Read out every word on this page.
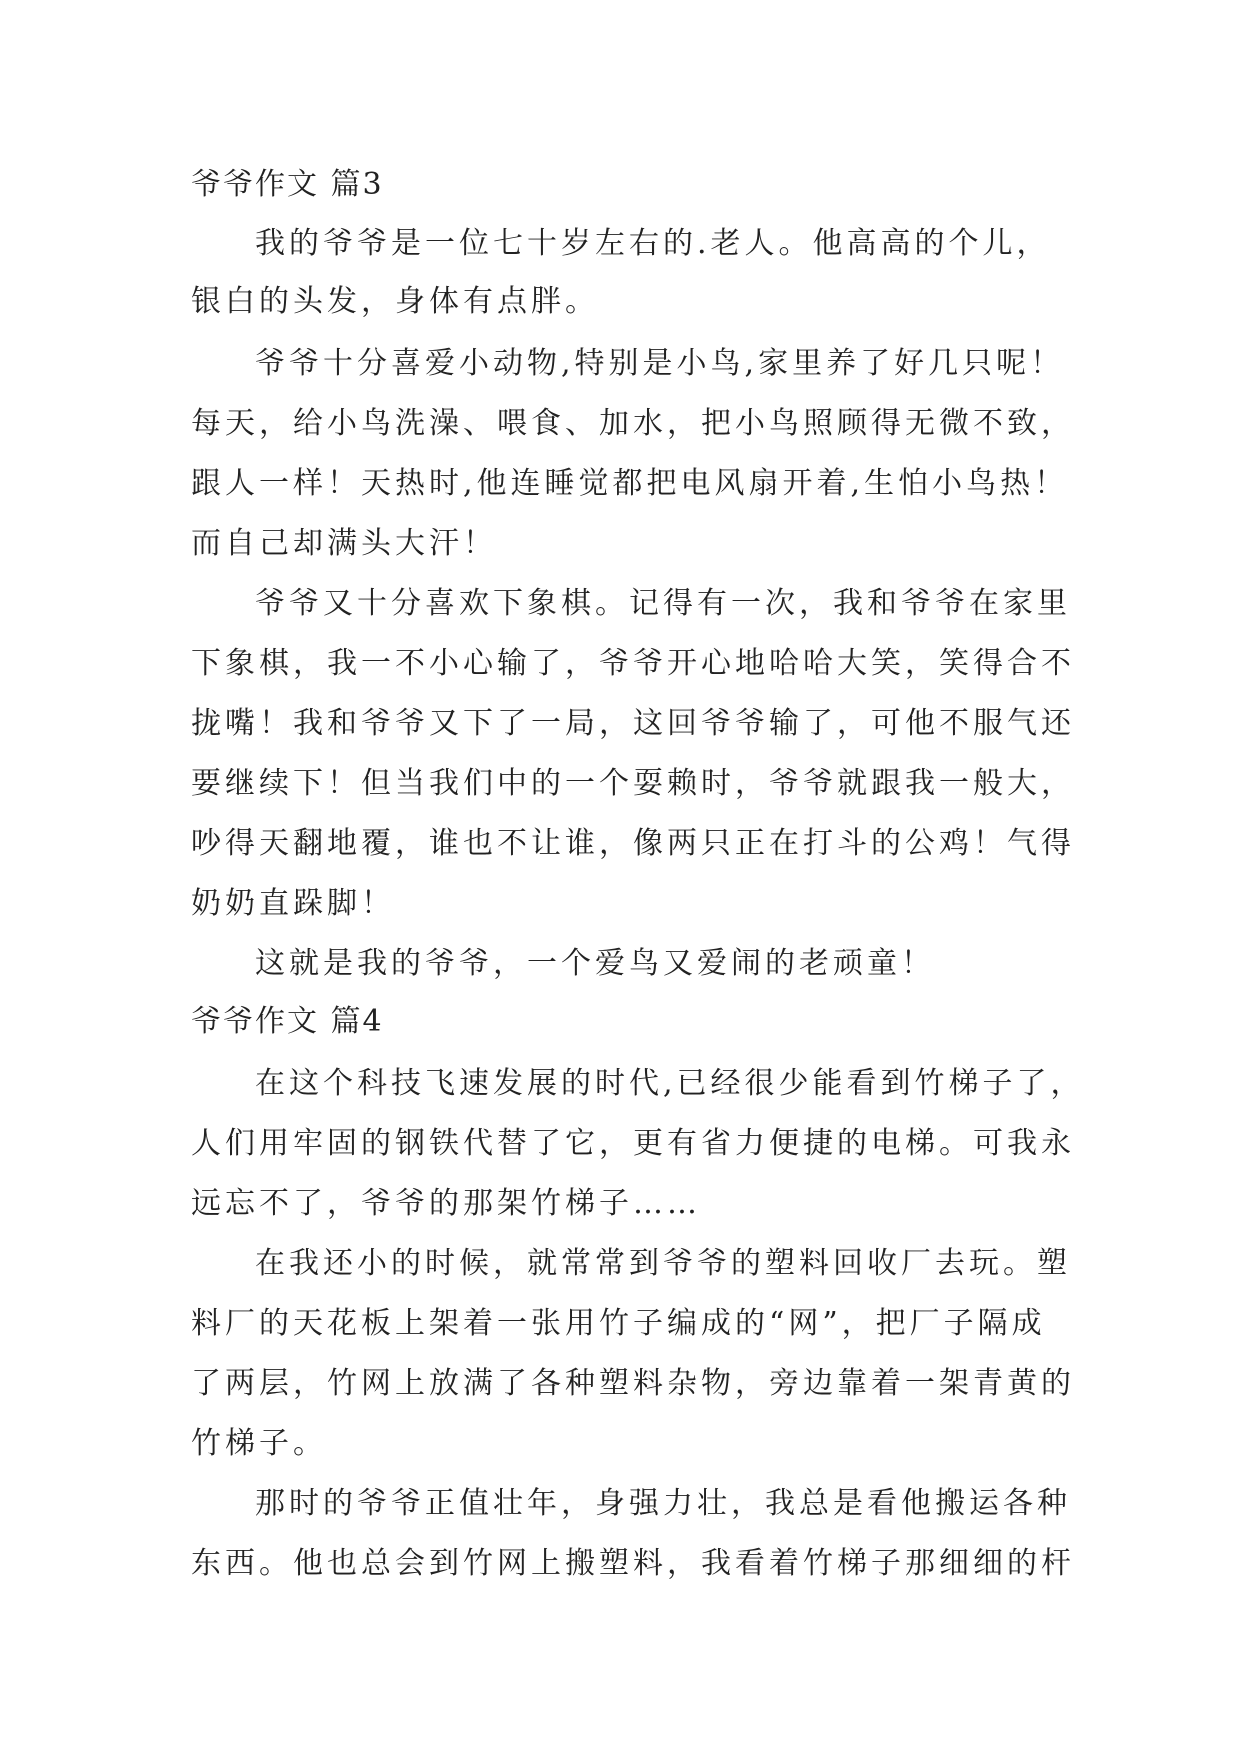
爷爷作文 篇3
我的爷爷是一位七十岁左右的.老人。他高高的个儿，
银白的头发，身体有点胖。
爷爷十分喜爱小动物,特别是小鸟,家里养了好几只呢！
每天，给小鸟洗澡、喂食、加水，把小鸟照顾得无微不致，
跟人一样！天热时,他连睡觉都把电风扇开着,生怕小鸟热！
而自己却满头大汗！
爷爷又十分喜欢下象棋。记得有一次，我和爷爷在家里
下象棋，我一不小心输了，爷爷开心地哈哈大笑，笑得合不
拢嘴！我和爷爷又下了一局，这回爷爷输了，可他不服气还
要继续下！但当我们中的一个耍赖时，爷爷就跟我一般大，
吵得天翻地覆，谁也不让谁，像两只正在打斗的公鸡！气得
奶奶直跺脚！
这就是我的爷爷，一个爱鸟又爱闹的老顽童！
爷爷作文 篇4
在这个科技飞速发展的时代,已经很少能看到竹梯子了，
人们用牢固的钢铁代替了它，更有省力便捷的电梯。可我永
远忘不了，爷爷的那架竹梯子……
在我还小的时候，就常常到爷爷的塑料回收厂去玩。塑
料厂的天花板上架着一张用竹子编成的“网”，把厂子隔成
了两层，竹网上放满了各种塑料杂物，旁边靠着一架青黄的
竹梯子。
那时的爷爷正值壮年，身强力壮，我总是看他搬运各种
东西。他也总会到竹网上搬塑料，我看着竹梯子那细细的杆
